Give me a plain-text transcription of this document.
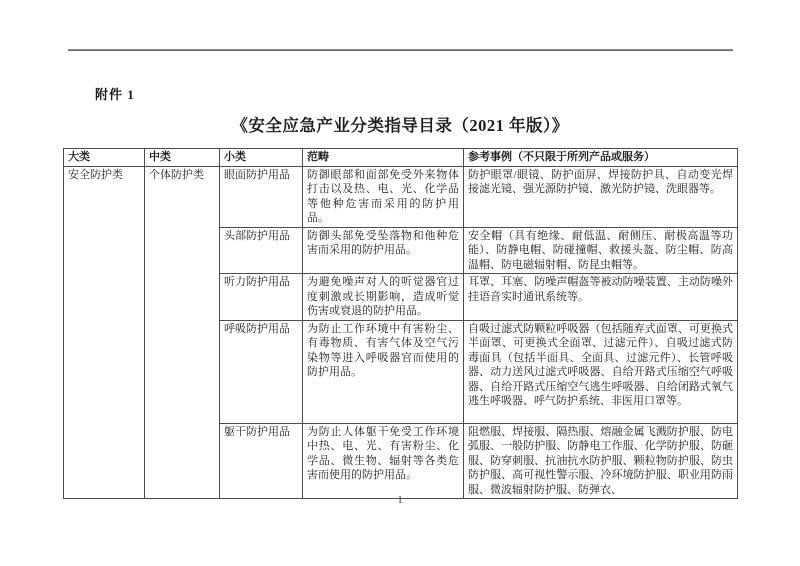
附件 1
《安全应急产业分类指导目录（2021 年版）》
大类	中类	小类	范畴	参考事例（不只限于所列产品或服务）
安全防护类	个体防护类	眼面防护用品	防御眼部和面部免受外来物体打击以及热、电、光、化学品等他种危害而采用的防护用品。	防护眼罩/眼镜、防护面屏、焊接防护具、自动变光焊接滤光镜、强光源防护镜、激光防护镜、洗眼器等。
		头部防护用品	防御头部免受坠落物和他种危害而采用的防护用品。	安全帽（具有绝缘、耐低温、耐侧压、耐极高温等功能）、防静电帽、防碰撞帽、救援头盔、防尘帽、防高温帽、防电磁辐射帽、防昆虫帽等。
		听力防护用品	为避免噪声对人的听觉器官过度刺激或长期影响，造成听觉伤害或衰退的防护用品。	耳罩、耳塞、防噪声帽盔等被动防噪装置、主动防噪外挂语音实时通讯系统等。
		呼吸防护用品	为防止工作环境中有害粉尘、有毒物质、有害气体及空气污染物等进入呼吸器官而使用的防护用品。	自吸过滤式防颗粒呼吸器（包括随弃式面罩、可更换式半面罩、可更换式全面罩、过滤元件）、自吸过滤式防毒面具（包括半面具、全面具、过滤元件）、长管呼吸器、动力送风过滤式呼吸器、自给开路式压缩空气呼吸器、自给开路式压缩空气逃生呼吸器、自给闭路式氧气逃生呼吸器、呼气防护系统、非医用口罩等。
		躯干防护用品	为防止人体躯干免受工作环境中热、电、光、有害粉尘、化学品、微生物、辐射等各类危害而使用的防护用品。	阻燃服、焊接服、隔热服、熔融金属飞溅防护服、防电弧服、一般防护服、防静电工作服、化学防护服、防砸服、防穿刺服、抗油抗水防护服、颗粒物防护服、防虫防护服、高可视性警示服、冷环境防护服、职业用防雨服、微波辐射防护服、防弹衣、
1
